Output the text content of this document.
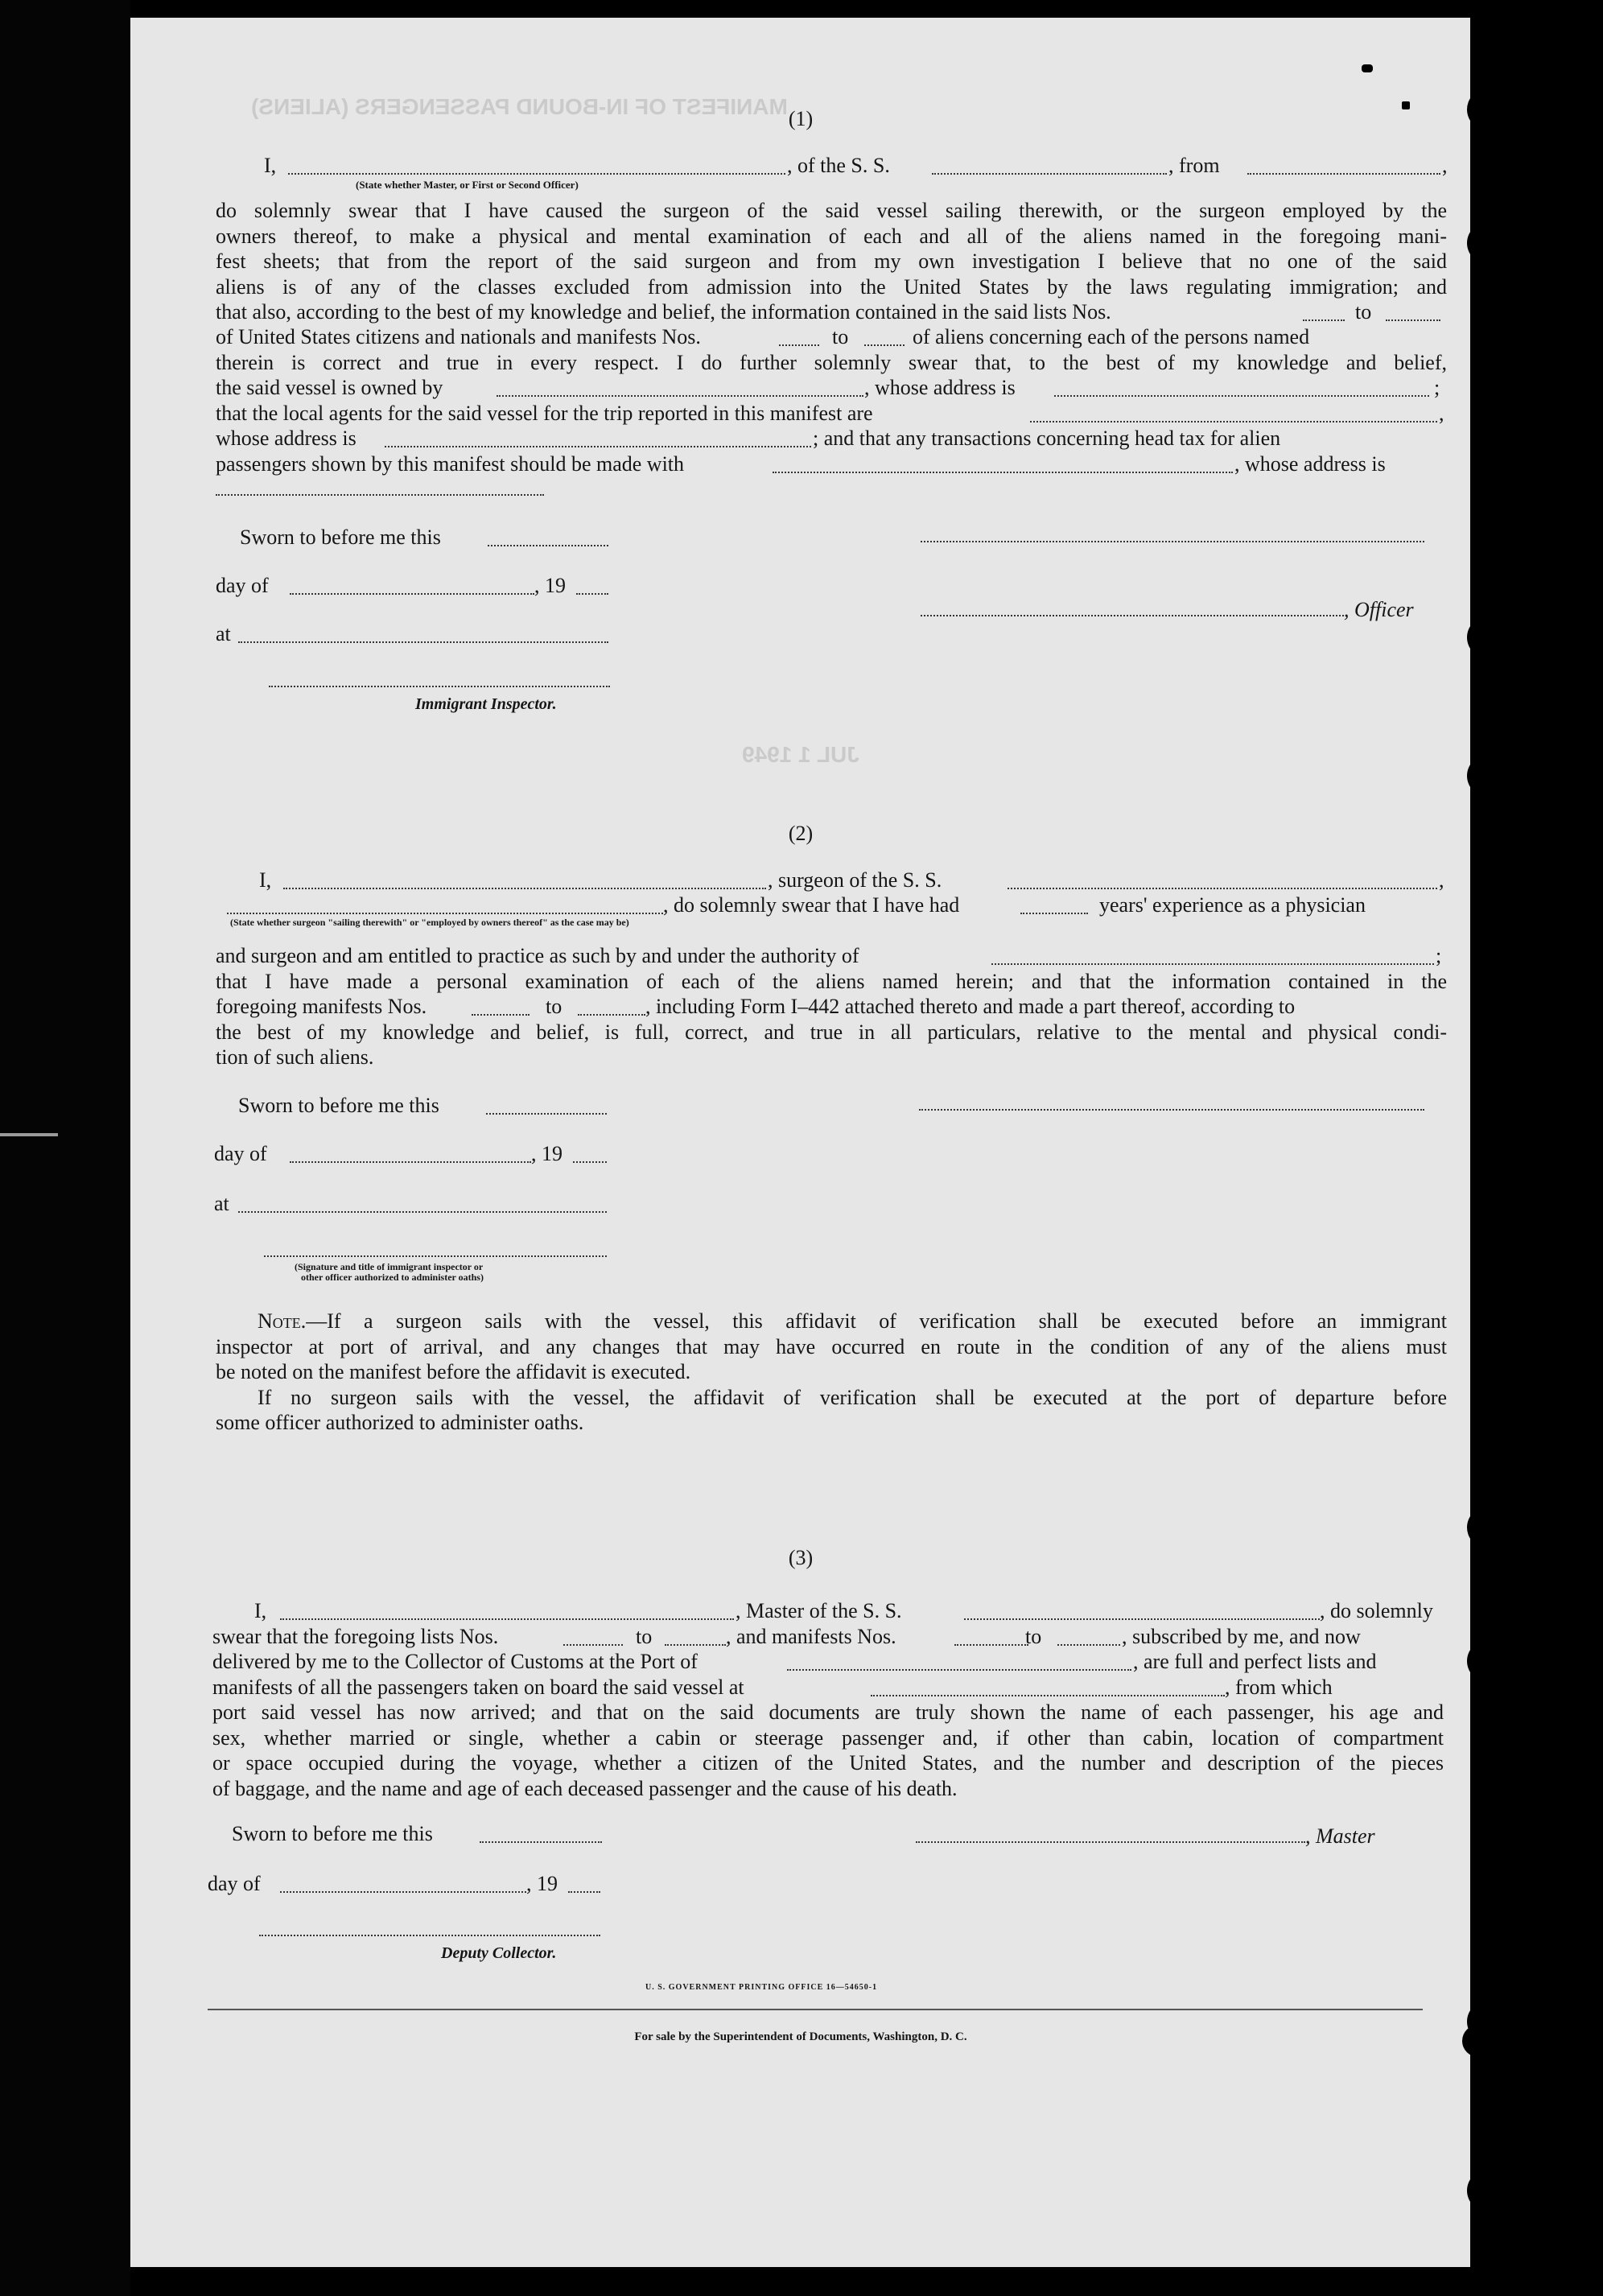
MANIFEST OF IN-BOUND PASSENGERS (ALIENS)
JUL 1 1949
(1)
I,	, of the S. S.	, from	,
(State whether Master, or First or Second Officer)
do solemnly swear that I have caused the surgeon of the said vessel sailing therewith, or the surgeon employed by the
owners thereof, to make a physical and mental examination of each and all of the aliens named in the foregoing mani-
fest sheets; that from the report of the said surgeon and from my own investigation I believe that no one of the said
aliens is of any of the classes excluded from admission into the United States by the laws regulating immigration; and
that also, according to the best of my knowledge and belief, the information contained in the said lists Nos.	to
of United States citizens and nationals and manifests Nos.	to	of aliens concerning each of the persons named
therein is correct and true in every respect. I do further solemnly swear that, to the best of my knowledge and belief,
the said vessel is owned by	, whose address is	;
that the local agents for the said vessel for the trip reported in this manifest are	,
whose address is	; and that any transactions concerning head tax for alien
passengers shown by this manifest should be made with	, whose address is
Sworn to before me this
day of	, 19
, Officer
at
Immigrant Inspector.
(2)
I,	, surgeon of the S. S.	,
, do solemnly swear that I have had	years' experience as a physician
(State whether surgeon "sailing therewith" or "employed by owners thereof" as the case may be)
and surgeon and am entitled to practice as such by and under the authority of	;
that I have made a personal examination of each of the aliens named herein; and that the information contained in the
foregoing manifests Nos.	to	, including Form I–442 attached thereto and made a part thereof, according to
the best of my knowledge and belief, is full, correct, and true in all particulars, relative to the mental and physical condi-
tion of such aliens.
Sworn to before me this
day of	, 19
at
(Signature and title of immigrant inspector or
other officer authorized to administer oaths)
Note.—If a surgeon sails with the vessel, this affidavit of verification shall be executed before an immigrant
inspector at port of arrival, and any changes that may have occurred en route in the condition of any of the aliens must
be noted on the manifest before the affidavit is executed.
If no surgeon sails with the vessel, the affidavit of verification shall be executed at the port of departure before
some officer authorized to administer oaths.
(3)
I,	, Master of the S. S.	, do solemnly
swear that the foregoing lists Nos.	to	, and manifests Nos.	to	, subscribed by me, and now
delivered by me to the Collector of Customs at the Port of	, are full and perfect lists and
manifests of all the passengers taken on board the said vessel at	, from which
port said vessel has now arrived; and that on the said documents are truly shown the name of each passenger, his age and
sex, whether married or single, whether a cabin or steerage passenger and, if other than cabin, location of compartment
or space occupied during the voyage, whether a citizen of the United States, and the number and description of the pieces
of baggage, and the name and age of each deceased passenger and the cause of his death.
Sworn to before me this	, Master
day of	, 19
Deputy Collector.
U. S. GOVERNMENT PRINTING OFFICE 16—54650-1
For sale by the Superintendent of Documents, Washington, D. C.
